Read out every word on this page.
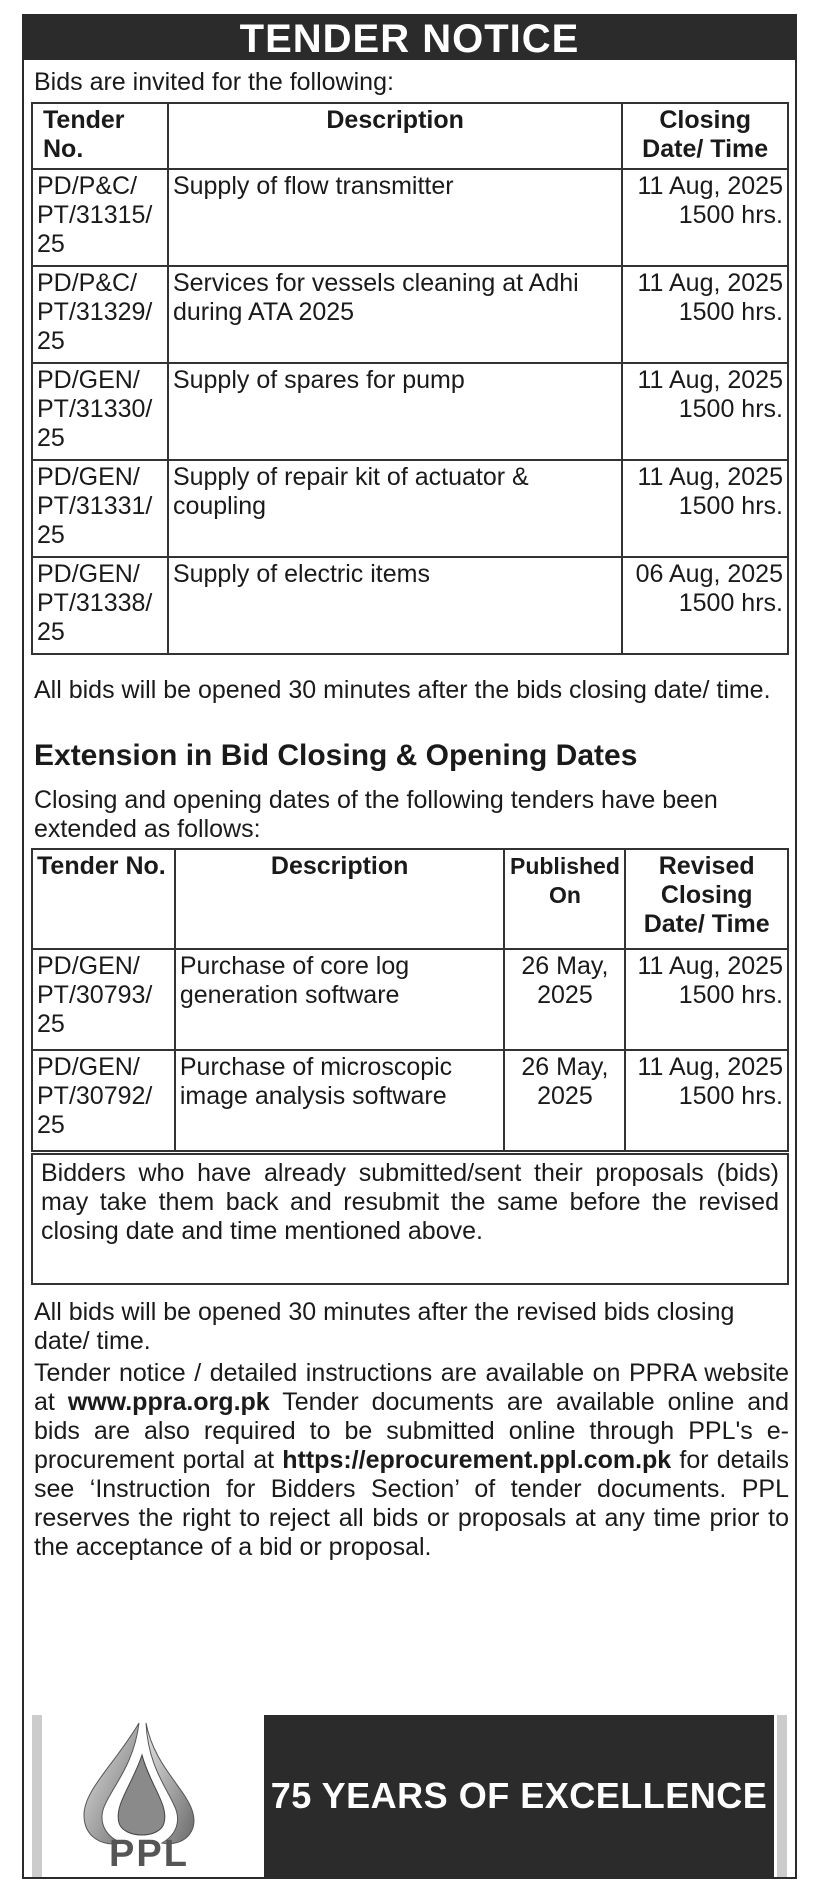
TENDER NOTICE
Bids are invited for the following:
Tender No.	Description	Closing Date/ Time
PD/P&C/ PT/31315/ 25	Supply of flow transmitter	11 Aug, 2025 1500 hrs.
PD/P&C/ PT/31329/ 25	Services for vessels cleaning at Adhi during ATA 2025	11 Aug, 2025 1500 hrs.
PD/GEN/ PT/31330/ 25	Supply of spares for pump	11 Aug, 2025 1500 hrs.
PD/GEN/ PT/31331/ 25	Supply of repair kit of actuator & coupling	11 Aug, 2025 1500 hrs.
PD/GEN/ PT/31338/ 25	Supply of electric items	06 Aug, 2025 1500 hrs.
All bids will be opened 30 minutes after the bids closing date/ time.
Extension in Bid Closing & Opening Dates
Closing and opening dates of the following tenders have been extended as follows:
Tender No.	Description	Published On	Revised Closing Date/ Time
PD/GEN/ PT/30793/ 25	Purchase of core log generation software	26 May, 2025	11 Aug, 2025 1500 hrs.
PD/GEN/ PT/30792/ 25	Purchase of microscopic image analysis software	26 May, 2025	11 Aug, 2025 1500 hrs.
Bidders who have already submitted/sent their proposals (bids) may take them back and resubmit the same before the revised closing date and time mentioned above.
All bids will be opened 30 minutes after the revised bids closing date/ time.
Tender notice / detailed instructions are available on PPRA website at www.ppra.org.pk Tender documents are available online and bids are also required to be submitted online through PPL's e-procurement portal at https://eprocurement.ppl.com.pk for details see ‘Instruction for Bidders Section’ of tender documents. PPL reserves the right to reject all bids or proposals at any time prior to the acceptance of a bid or proposal.
PPL
75 YEARS OF EXCELLENCE
